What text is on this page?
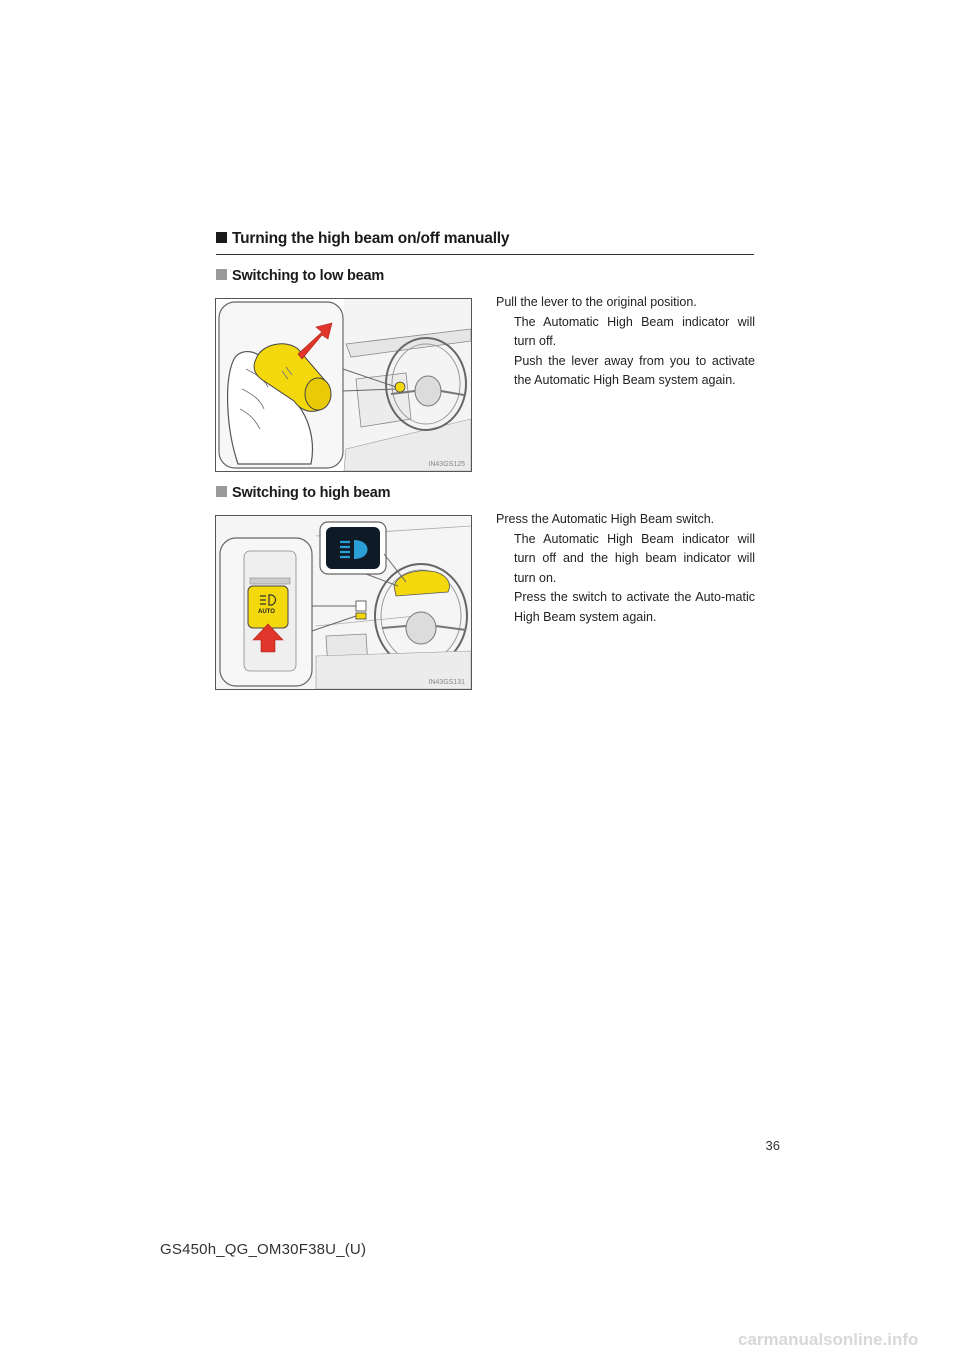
Turning the high beam on/off manually
Switching to low beam
IN43GS125
Pull the lever to the original position.
The Automatic High Beam indicator will turn off.
Push the lever away from you to activate the Automatic High Beam system again.
Switching to high beam
AUTO
IN43GS131
Press the Automatic High Beam switch.
The Automatic High Beam indicator will turn off and the high beam indicator will turn on.
Press the switch to activate the Auto-matic High Beam system again.
36
GS450h_QG_OM30F38U_(U)
carmanualsonline.info
